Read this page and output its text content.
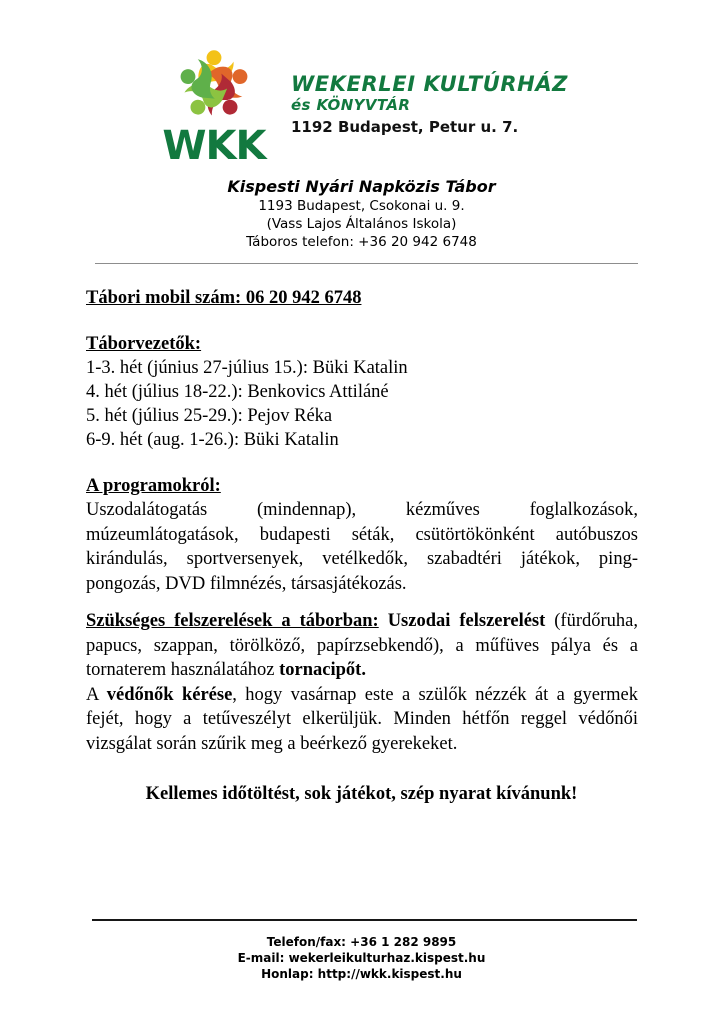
WKK
WEKERLEI KULTÚRHÁZ
és KÖNYVTÁR
1192 Budapest, Petur u. 7.
Kispesti Nyári Napközis Tábor
1193 Budapest, Csokonai u. 9.
(Vass Lajos Általános Iskola)
Táboros telefon: +36 20 942 6748
Tábori mobil szám: 06 20 942 6748
Táborvezetők:
1-3. hét (június 27-július 15.): Büki Katalin
4. hét (július 18-22.): Benkovics Attiláné
5. hét (július 25-29.): Pejov Réka
6-9. hét (aug. 1-26.): Büki Katalin
A programokról:
Uszodalátogatás (mindennap), kézműves foglalkozások, múzeumlátogatások, budapesti séták, csütörtökönként autóbuszos kirándulás, sportversenyek, vetélkedők, szabadtéri játékok, ping-pongozás, DVD filmnézés, társasjátékozás.
Szükséges felszerelések a táborban: Uszodai felszerelést (fürdőruha, papucs, szappan, törölköző, papírzsebkendő), a műfüves pálya és a tornaterem használatához tornacipőt.
A védőnők kérése, hogy vasárnap este a szülők nézzék át a gyermek fejét, hogy a tetűveszélyt elkerüljük. Minden hétfőn reggel védőnői vizsgálat során szűrik meg a beérkező gyerekeket.
Kellemes időtöltést, sok játékot, szép nyarat kívánunk!
Telefon/fax: +36 1 282 9895
E-mail: wekerleikulturhaz.kispest.hu
Honlap: http://wkk.kispest.hu
